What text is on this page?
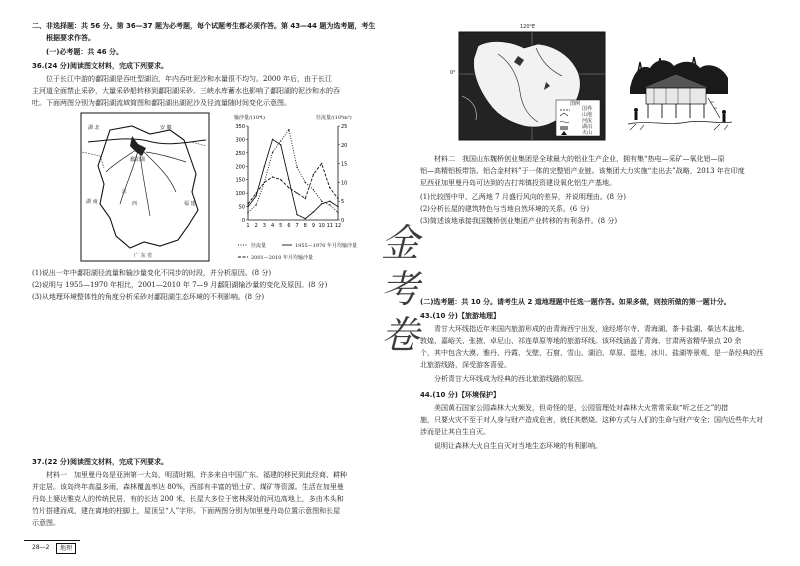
二、非选择题：共 56 分。第 36—37 题为必考题，每个试题考生都必须作答。第 43—44 题为选考题，考生
根据要求作答。
(一)必考题：共 46 分。
36.(24 分)阅读图文材料，完成下列要求。
位于长江中游的鄱阳湖是吞吐型湖泊，年内吞吐泥沙和水量很不均匀。2000 年后，由于长江
主河道全面禁止采砂，大量采砂船转移到鄱阳湖采砂。三峡水库蓄水也影响了鄱阳湖的泥沙和水的吞
吐。下面两图分别为鄱阳湖流域简图和鄱阳湖出湖泥沙及径流量随时间变化示意图。
湖 北	安 徽
鄱阳湖
江
西
湖 南	福 建
广 东 省
输沙量/(10⁴t)	径流量/(10⁸m³)
0
50
100
150
200
250
300
350
0
5
10
15
20
25
1 2 3 4 5 6 7 8 9 10 11 12
径流量	1955—1970 年月均输沙量
2001—2010 年月均输沙量
(1)说出一年中鄱阳湖径流量和输沙量变化不同步的时段，并分析原因。(8 分)
(2)说明与 1955—1970 年相比，2001—2010 年 7—9 月鄱阳湖输沙量的变化及原因。(8 分)
(3)从地理环境整体性的角度分析采砂对鄱阳湖生态环境的不利影响。(8 分)
37.(22 分)阅读图文材料，完成下列要求。
材料一　加里曼丹岛是亚洲第一大岛，明清时期，许多来自中国广东、福建的移民到此经商、耕种
并定居。该岛终年高温多雨，森林覆盖率达 80%，西部有丰富的铝土矿、煤矿等资源。生活在加里曼
丹岛上婆达雅克人的传统民居，有的长达 200 米，长屋大多位于密林深处的河边高地上，多由木头和
竹片搭建而成，建在离地的柱脚上，屋顶呈“人”字形。下面两图分别为加里曼丹岛位置示意图和长屋
示意图。
28—2	地理
120°E
0°
图例
国界
山地
河流
湖泊
火山
材料二　我国山东魏桥创业集团是全球最大的铝业生产企业，拥有集“热电—采矿—氧化铝—原
铝—高精铝板带箔、铝合金材料”于一体的完整铝产业链。该集团大力实施“走出去”战略，2013 年在印度
尼西亚加里曼丹岛可达到的吉打邦镇投资建设氧化铝生产基地。
(1)比较图中甲、乙两地 7 月盛行风向的差异，并说明理由。(8 分)
(2)分析长屋的建筑特色与当地自然环境的关系。(6 分)
(3)简述该地承接我国魏桥创业集团产业转移的有利条件。(8 分)
金考卷
(二)选考题：共 10 分。请考生从 2 道地理题中任选一题作答。如果多做，则按所做的第一题计分。
43.(10 分)【旅游地理】
青甘大环线指近年来国内旅游形成的由青海西宁出发，途经塔尔寺、青海湖、茶卡盐湖、柴达木盆地、
敦煌、嘉峪关、张掖、卓尼山、祁连草原等地的旅游环线。该环线涵盖了青海、甘肃两省精华景点 20 余
个，其中包含大漠、雅丹、丹霞、戈壁、石窟、雪山、湖泊、草原、湿地、冰川、盐湖等景观，是一条经典的西
北旅游线路，深受游客喜爱。
分析青甘大环线成为经典的西北旅游线路的原因。
44.(10 分)【环境保护】
美国黄石国家公园森林大火频发，但奇怪的是，公园管理处对森林大火常常采取“听之任之”的措
施，只要火灾不至于对人身与财产造成危害，就任其燃烧。这种方式与人们的生命与财产安全；国内近些年大对
涉而是让其自生自灭。
说明让森林大火自生自灭对当地生态环境的有利影响。
